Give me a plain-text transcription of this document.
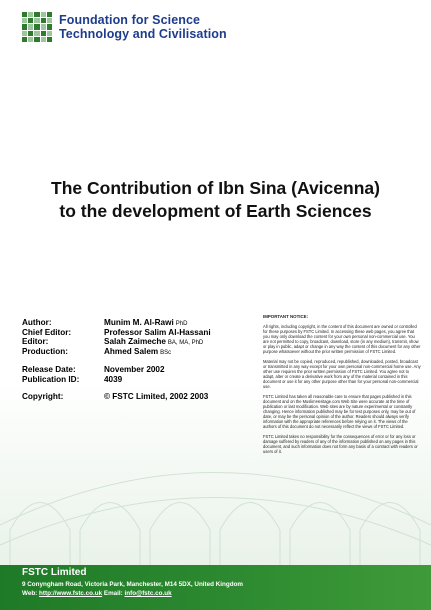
Foundation for Science
Technology and Civilisation
The Contribution of Ibn Sina (Avicenna)
to the development of Earth Sciences
Author:	Munim M. Al-Rawi PhD
Chief Editor:	Professor Salim Al-Hassani
Editor:	Salah Zaimeche BA, MA, PhD
Production:	Ahmed Salem BSc
Release Date:	November 2002
Publication ID:	4039
Copyright:	© FSTC Limited, 2002 2003
IMPORTANT NOTICE:

All rights, including copyright, in the content of this document are owned or controlled for these purposes by FSTC Limited. In accessing these web pages, you agree that you may only download the content for your own personal non-commercial use. You are not permitted to copy, broadcast, download, store (in any medium), transmit, show or play in public, adapt or change in any way the content of this document for any other purpose whatsoever without the prior written permission of FSTC Limited.

Material may not be copied, reproduced, republished, downloaded, posted, broadcast or transmitted in any way except for your own personal non-commercial home use. Any other use requires the prior written permission of FSTC Limited. You agree not to adapt, alter or create a derivative work from any of the material contained in this document or use it for any other purpose other than for your personal non-commercial use.

FSTC Limited has taken all reasonable care to ensure that pages published in this document and on the MuslimHeritage.com Web Site were accurate at the time of publication or last modification. Web sites are by nature experimental or constantly changing. Hence information published may be for test purposes only, may be out of date, or may be the personal opinion of the author. Readers should always verify information with the appropriate references before relying on it. The views of the authors of this document do not necessarily reflect the views of FSTC Limited.

FSTC Limited takes no responsibility for the consequences of error or for any loss or damage suffered by readers of any of the information published on any pages in this document, and such information does not form any basis of a contract with readers or users of it.

FSTC Limited
9 Conyngham Road, Victoria Park, Manchester, M14 5DX, United Kingdom
Web: http://www.fstc.co.uk Email: info@fstc.co.uk
